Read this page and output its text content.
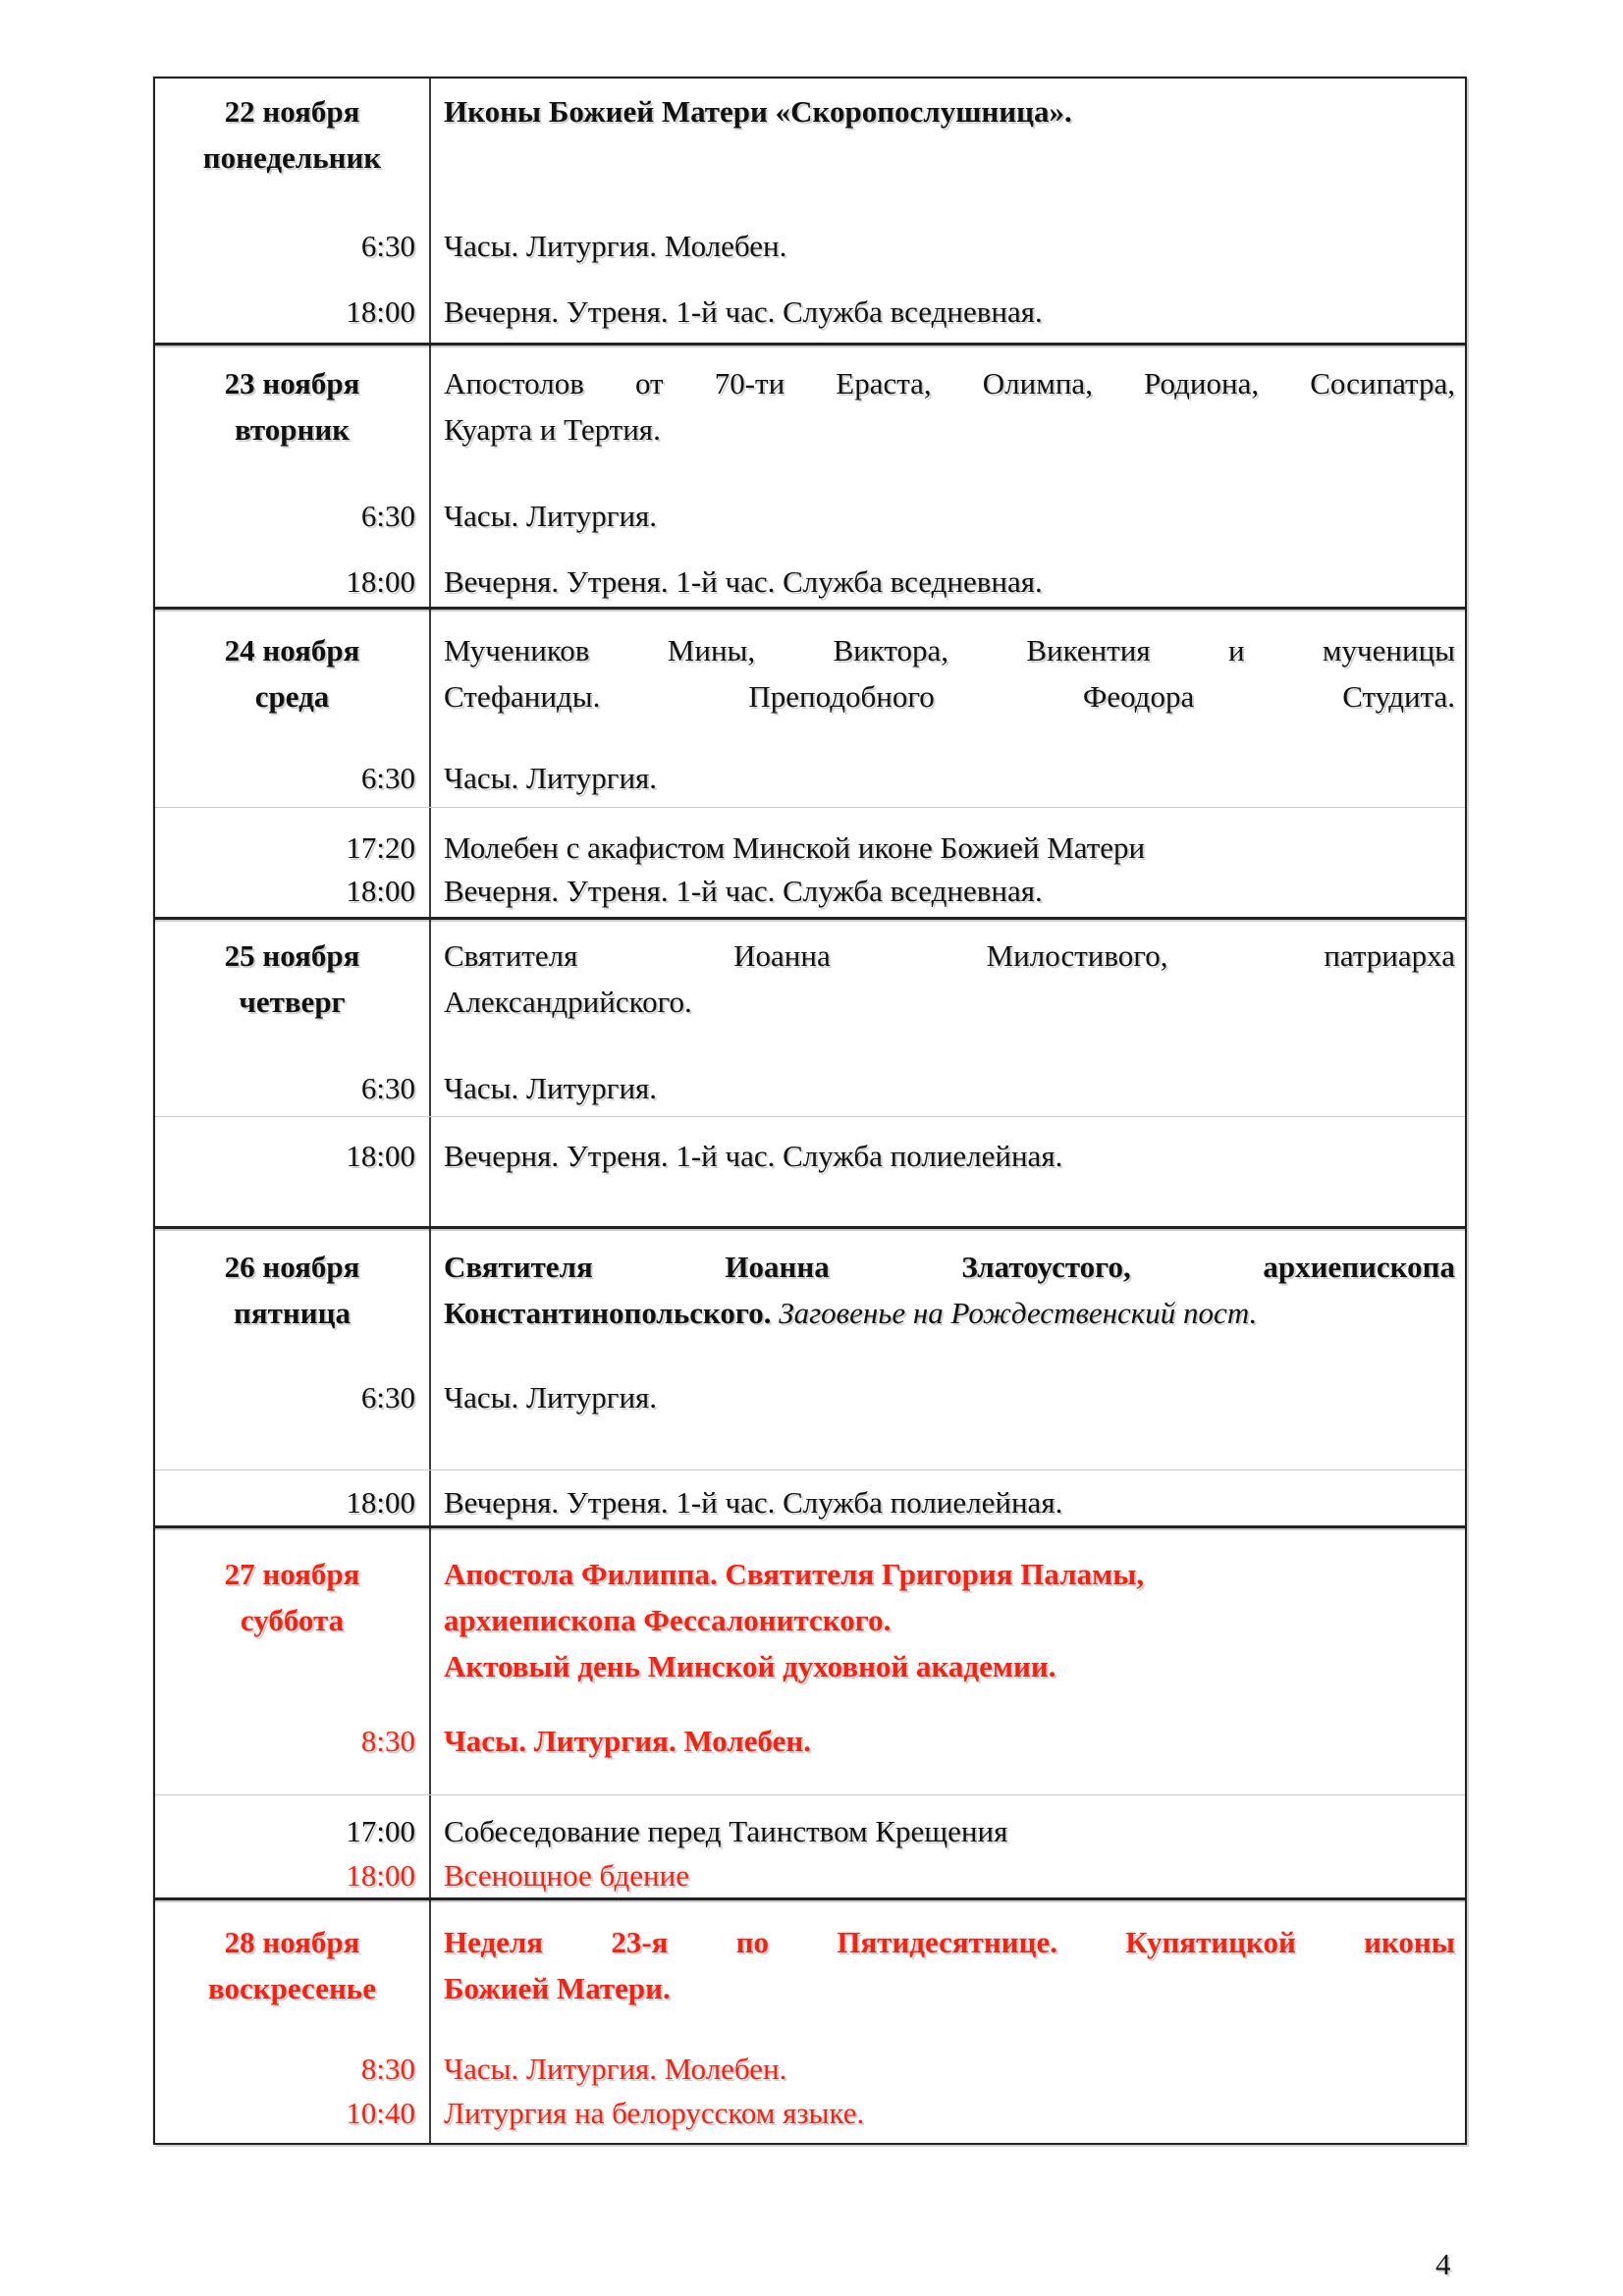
22 ноября
понедельник
Иконы Божией Матери «Скоропослушница».
6:30 Часы. Литургия. Молебен.
18:00 Вечерня. Утреня. 1-й час. Служба вседневная.
23 ноября
вторник
Апостолов от 70-ти Ераста, Олимпа, Родиона, Сосипатра,
Куарта и Тертия.
6:30 Часы. Литургия.
18:00 Вечерня. Утреня. 1-й час. Служба вседневная.
24 ноября
среда
Мучеников Мины, Виктора, Викентия и мученицы
Стефаниды. Преподобного Феодора Студита.
6:30 Часы. Литургия.
17:20 Молебен с акафистом Минской иконе Божией Матери
18:00 Вечерня. Утреня. 1-й час. Служба вседневная.
25 ноября
четверг
Святителя Иоанна Милостивого, патриарха
Александрийского.
6:30 Часы. Литургия.
18:00 Вечерня. Утреня. 1-й час. Служба полиелейная.
26 ноября
пятница
Святителя Иоанна Златоустого, архиепископа
Константинопольского. Заговенье на Рождественский пост.
6:30 Часы. Литургия.
18:00 Вечерня. Утреня. 1-й час. Служба полиелейная.
27 ноября
суббота
Апостола Филиппа. Святителя Григория Паламы,
архиепископа Фессалонитского.
Актовый день Минской духовной академии.
8:30 Часы. Литургия. Молебен.
17:00 Собеседование перед Таинством Крещения
18:00 Всенощное бдение
28 ноября
воскресенье
Неделя 23-я по Пятидесятнице. Купятицкой иконы
Божией Матери.
8:30 Часы. Литургия. Молебен.
10:40 Литургия на белорусском языке.
4
